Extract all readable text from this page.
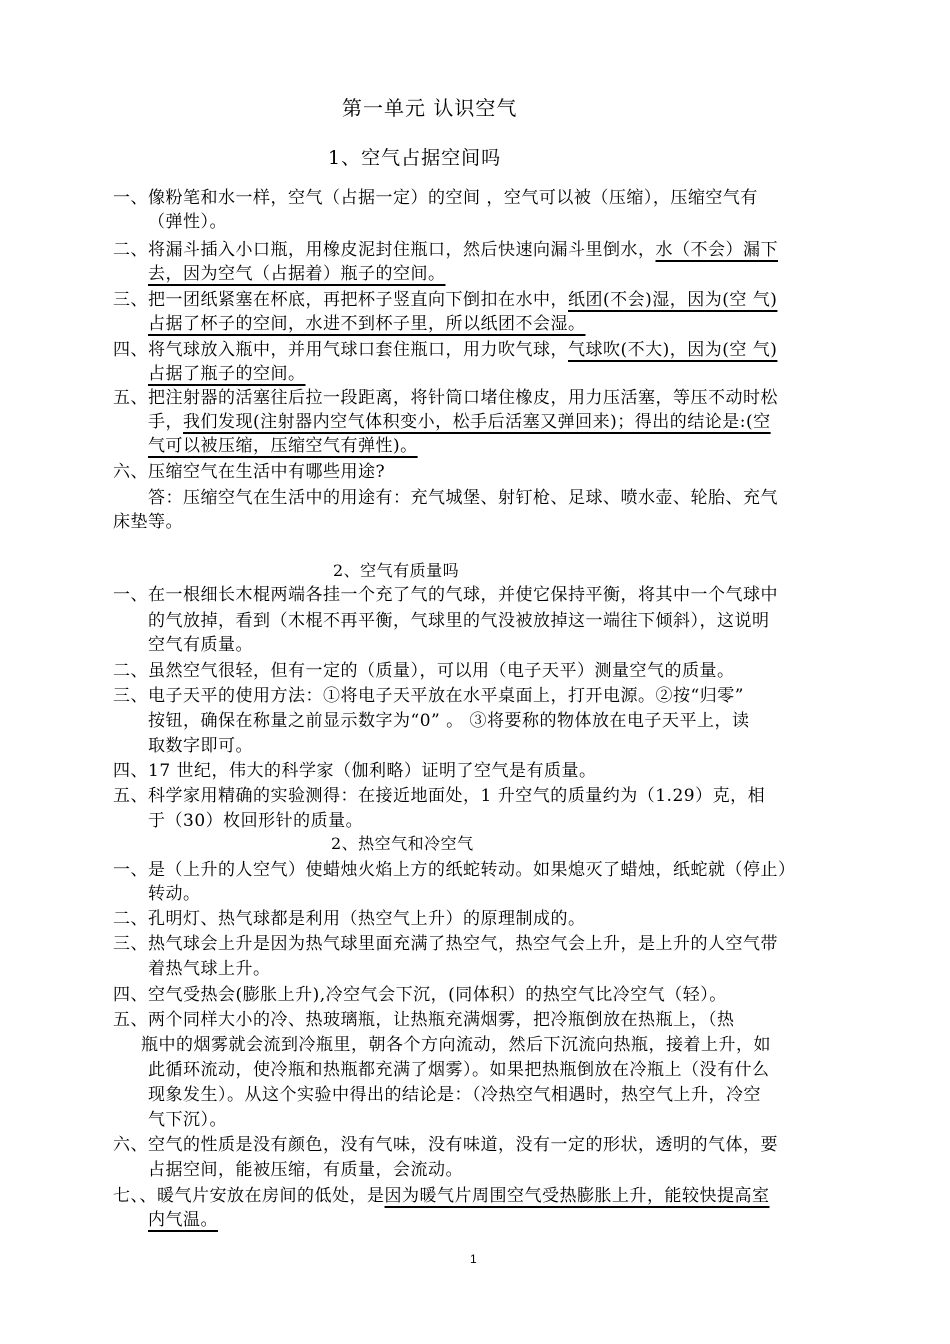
第一单元 认识空气
1、空气占据空间吗
一、像粉笔和水一样，空气（占据一定）的空间 ，空气可以被（压缩），压缩空气有
（弹性）。
二、将漏斗插入小口瓶，用橡皮泥封住瓶口，然后快速向漏斗里倒水，水（不会）漏下
去，因为空气（占据着）瓶子的空间。
三、把一团纸紧塞在杯底，再把杯子竖直向下倒扣在水中，纸团(不会)湿，因为(空 气)
占据了杯子的空间，水进不到杯子里，所以纸团不会湿。
四、将气球放入瓶中，并用气球口套住瓶口，用力吹气球，气球吹(不大)，因为(空 气)
占据了瓶子的空间。
五、把注射器的活塞往后拉一段距离，将针筒口堵住橡皮，用力压活塞，等压不动时松
手，我们发现(注射器内空气体积变小，松手后活塞又弹回来)；得出的结论是:(空
气可以被压缩，压缩空气有弹性)。
六、压缩空气在生活中有哪些用途?
答：压缩空气在生活中的用途有：充气城堡、射钉枪、足球、喷水壶、轮胎、充气
床垫等。
2、空气有质量吗
一、在一根细长木棍两端各挂一个充了气的气球，并使它保持平衡，将其中一个气球中
的气放掉，看到（木棍不再平衡，气球里的气没被放掉这一端往下倾斜），这说明
空气有质量。
二、虽然空气很轻，但有一定的（质量），可以用（电子天平）测量空气的质量。
三、电子天平的使用方法：①将电子天平放在水平桌面上，打开电源。②按“归零”
按钮，确保在称量之前显示数字为“0” 。 ③将要称的物体放在电子天平上，读
取数字即可。
四、17 世纪，伟大的科学家（伽利略）证明了空气是有质量。
五、科学家用精确的实验测得：在接近地面处，1 升空气的质量约为（1.29）克，相
于（30）枚回形针的质量。
2、热空气和冷空气
一、是（上升的人空气）使蜡烛火焰上方的纸蛇转动。如果熄灭了蜡烛，纸蛇就（停止）
转动。
二、孔明灯、热气球都是利用（热空气上升）的原理制成的。
三、热气球会上升是因为热气球里面充满了热空气，热空气会上升，是上升的人空气带
着热气球上升。
四、空气受热会(膨胀上升),冷空气会下沉，(同体积）的热空气比冷空气（轻）。
五、两个同样大小的冷、热玻璃瓶，让热瓶充满烟雾，把冷瓶倒放在热瓶上，（热
瓶中的烟雾就会流到冷瓶里，朝各个方向流动，然后下沉流向热瓶，接着上升，如
此循环流动，使冷瓶和热瓶都充满了烟雾）。如果把热瓶倒放在冷瓶上（没有什么
现象发生）。从这个实验中得出的结论是：（冷热空气相遇时，热空气上升，冷空
气下沉）。
六、空气的性质是没有颜色，没有气味，没有味道，没有一定的形状，透明的气体，要
占据空间，能被压缩，有质量，会流动。
七、、暖气片安放在房间的低处，是因为暖气片周围空气受热膨胀上升，能较快提高室
内气温。
1
